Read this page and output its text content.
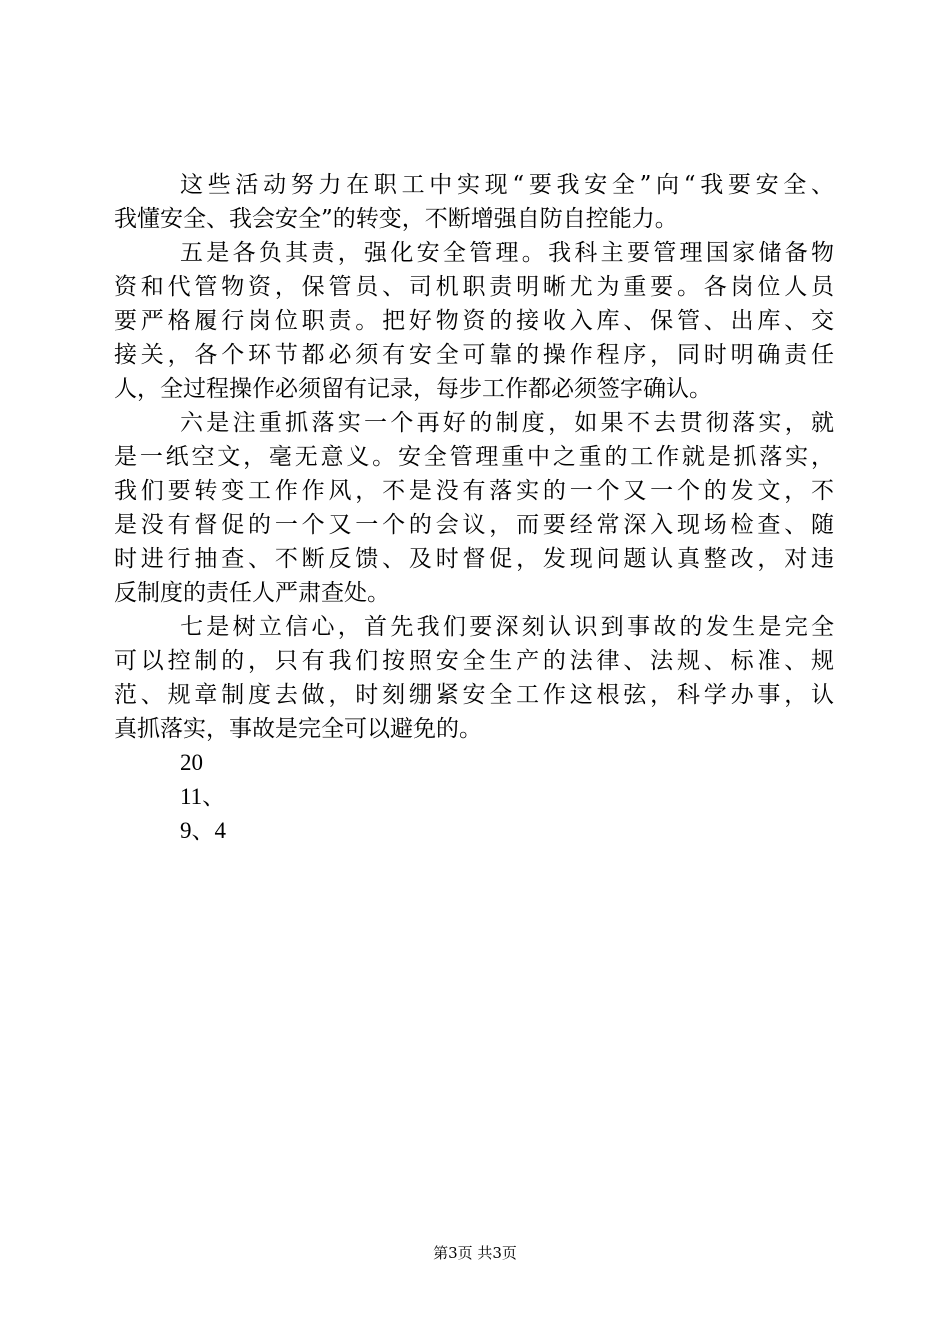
这些活动努力在职工中实现“要我安全”向“我要安全、
我懂安全、我会安全”的转变，不断增强自防自控能力。
五是各负其责，强化安全管理。我科主要管理国家储备物
资和代管物资，保管员、司机职责明晰尤为重要。各岗位人员
要严格履行岗位职责。把好物资的接收入库、保管、出库、交
接关，各个环节都必须有安全可靠的操作程序，同时明确责任
人，全过程操作必须留有记录，每步工作都必须签字确认。
六是注重抓落实一个再好的制度，如果不去贯彻落实，就
是一纸空文，毫无意义。安全管理重中之重的工作就是抓落实，
我们要转变工作作风，不是没有落实的一个又一个的发文，不
是没有督促的一个又一个的会议，而要经常深入现场检查、随
时进行抽查、不断反馈、及时督促，发现问题认真整改，对违
反制度的责任人严肃查处。
七是树立信心，首先我们要深刻认识到事故的发生是完全
可以控制的，只有我们按照安全生产的法律、法规、标准、规
范、规章制度去做，时刻绷紧安全工作这根弦，科学办事，认
真抓落实，事故是完全可以避免的。
20
11、
9、4
第3页 共3页
